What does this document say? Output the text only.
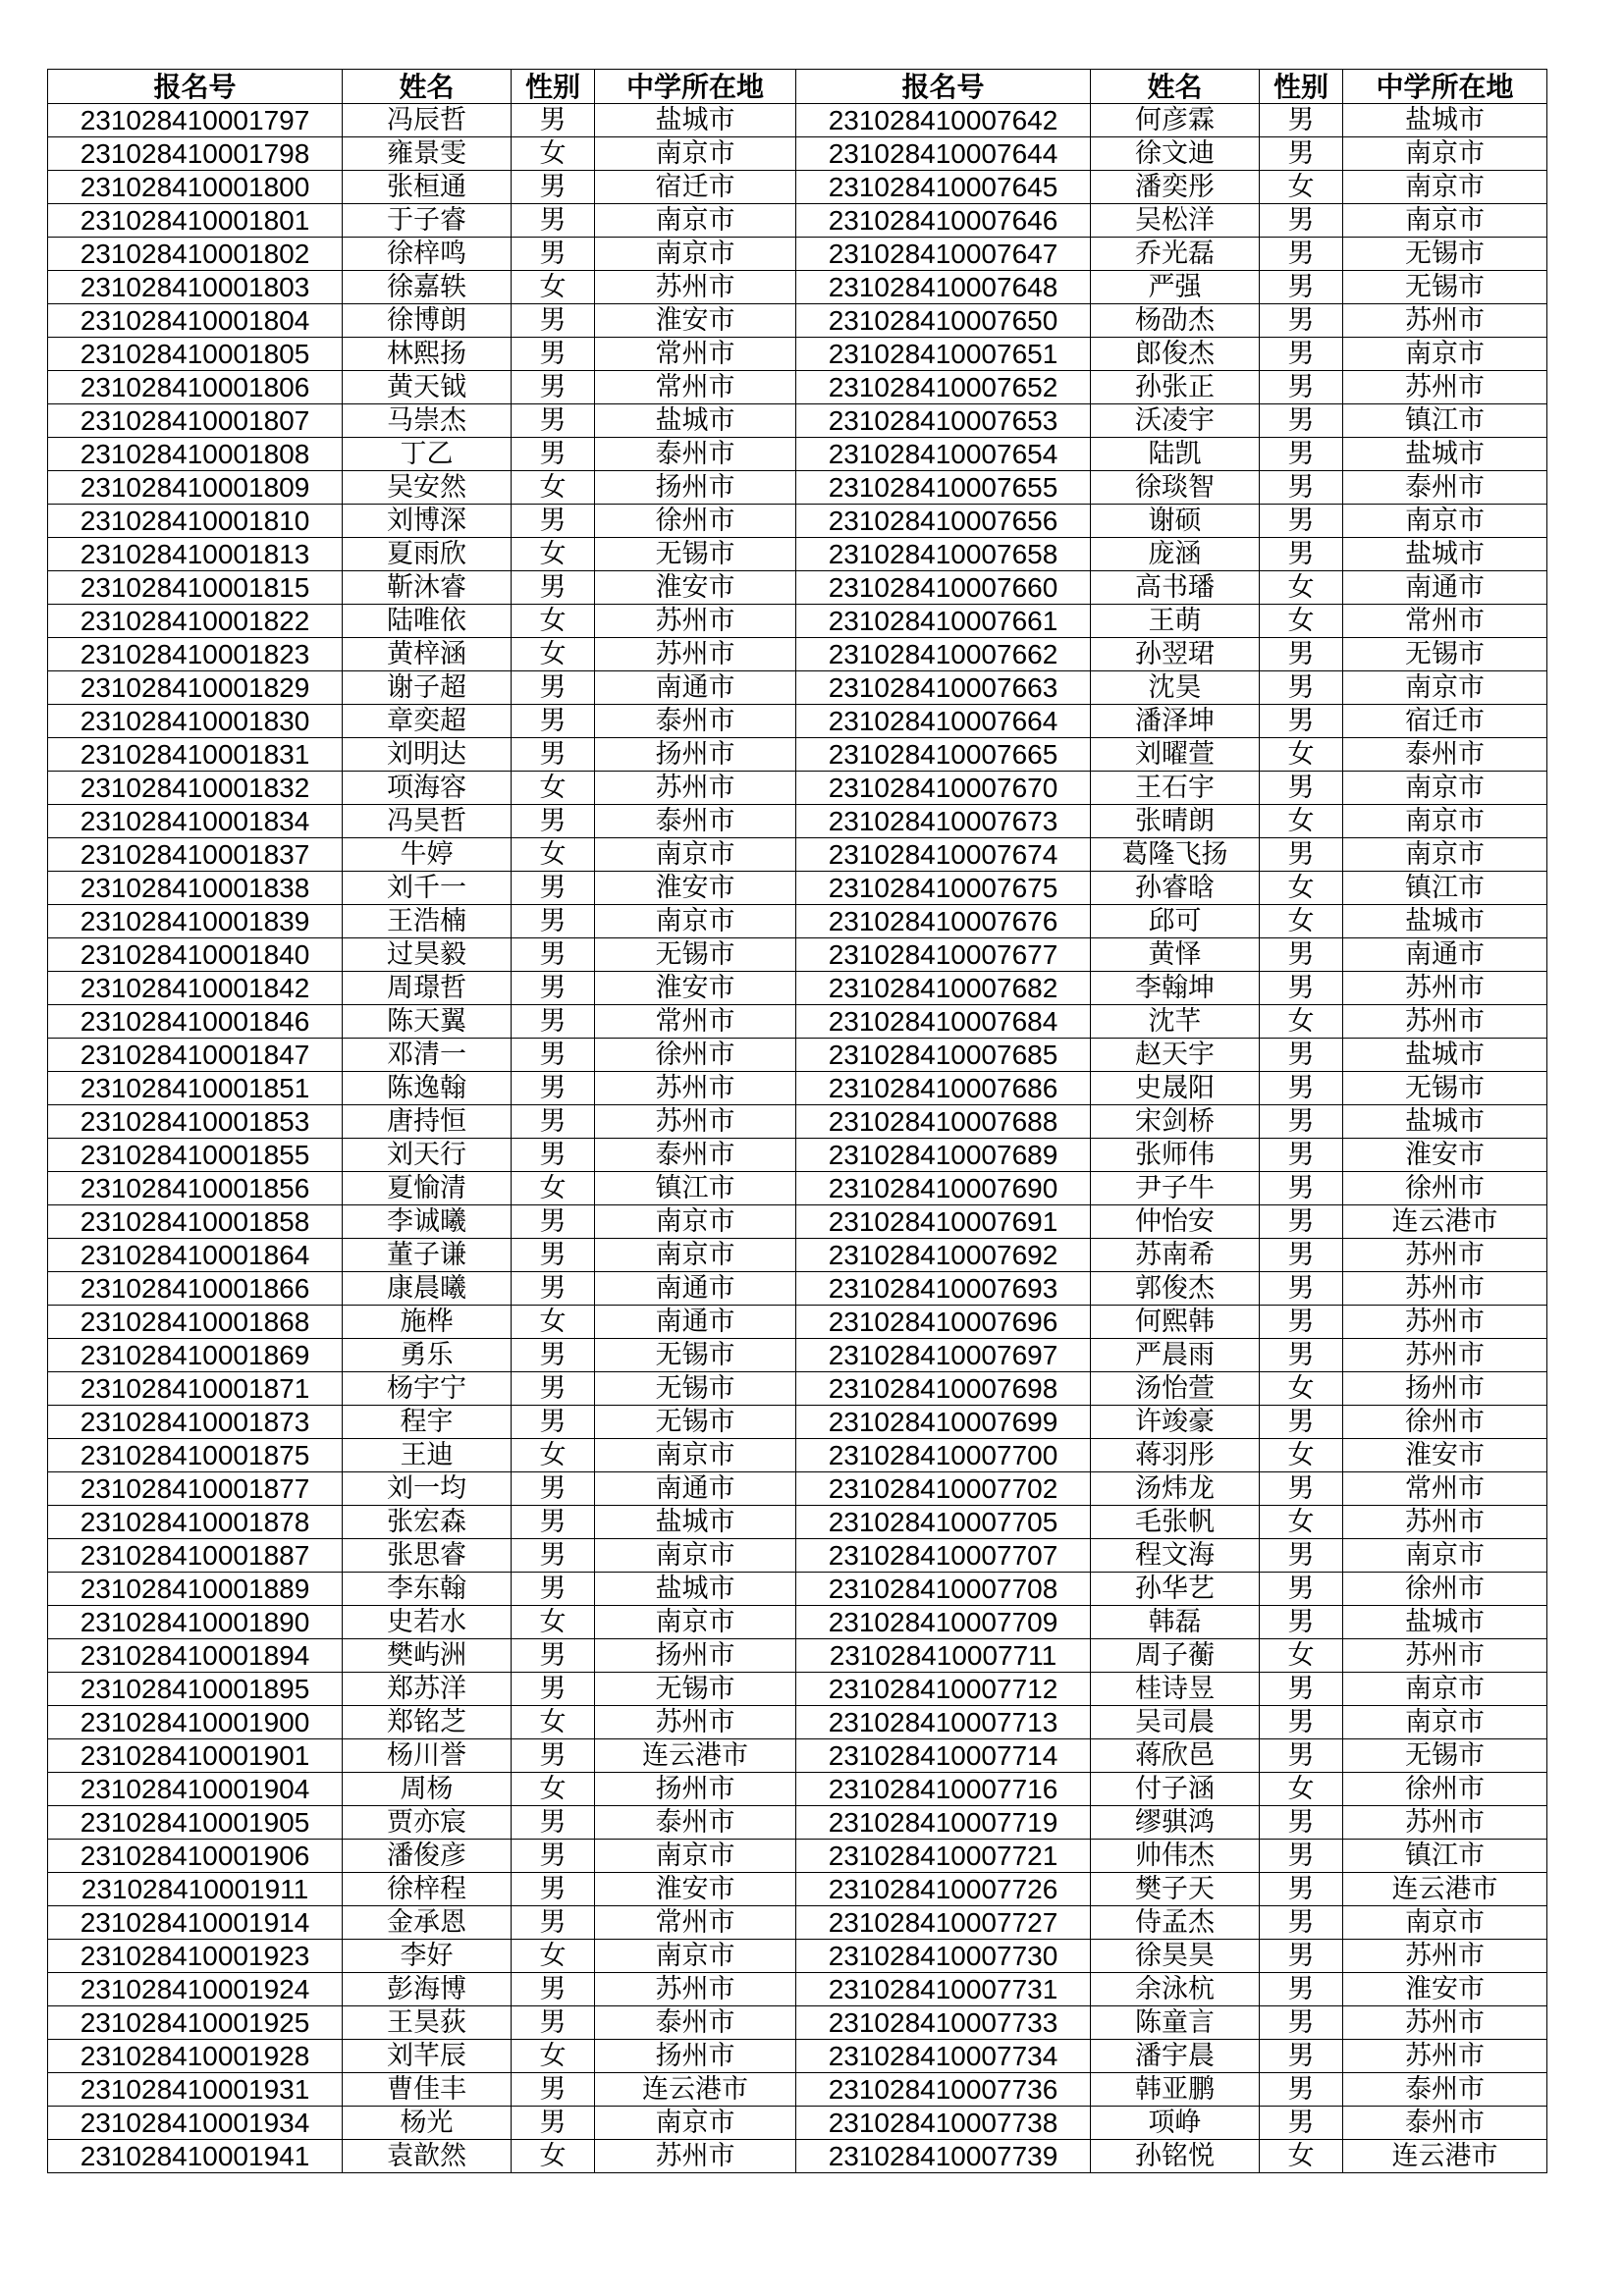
报名号	姓名	性别	中学所在地	报名号	姓名	性别	中学所在地
231028410001797	冯辰哲	男	盐城市	231028410007642	何彦霖	男	盐城市
231028410001798	雍景雯	女	南京市	231028410007644	徐文迪	男	南京市
231028410001800	张桓通	男	宿迁市	231028410007645	潘奕彤	女	南京市
231028410001801	于子睿	男	南京市	231028410007646	吴松洋	男	南京市
231028410001802	徐梓鸣	男	南京市	231028410007647	乔光磊	男	无锡市
231028410001803	徐嘉轶	女	苏州市	231028410007648	严强	男	无锡市
231028410001804	徐博朗	男	淮安市	231028410007650	杨劭杰	男	苏州市
231028410001805	林熙扬	男	常州市	231028410007651	郎俊杰	男	南京市
231028410001806	黄天钺	男	常州市	231028410007652	孙张正	男	苏州市
231028410001807	马崇杰	男	盐城市	231028410007653	沃凌宇	男	镇江市
231028410001808	丁乙	男	泰州市	231028410007654	陆凯	男	盐城市
231028410001809	吴安然	女	扬州市	231028410007655	徐琰智	男	泰州市
231028410001810	刘博深	男	徐州市	231028410007656	谢硕	男	南京市
231028410001813	夏雨欣	女	无锡市	231028410007658	庞涵	男	盐城市
231028410001815	靳沐睿	男	淮安市	231028410007660	高书璠	女	南通市
231028410001822	陆唯依	女	苏州市	231028410007661	王萌	女	常州市
231028410001823	黄梓涵	女	苏州市	231028410007662	孙翌珺	男	无锡市
231028410001829	谢子超	男	南通市	231028410007663	沈昊	男	南京市
231028410001830	章奕超	男	泰州市	231028410007664	潘泽坤	男	宿迁市
231028410001831	刘明达	男	扬州市	231028410007665	刘曜萱	女	泰州市
231028410001832	项海容	女	苏州市	231028410007670	王石宇	男	南京市
231028410001834	冯昊哲	男	泰州市	231028410007673	张晴朗	女	南京市
231028410001837	牛婷	女	南京市	231028410007674	葛隆飞扬	男	南京市
231028410001838	刘千一	男	淮安市	231028410007675	孙睿晗	女	镇江市
231028410001839	王浩楠	男	南京市	231028410007676	邱可	女	盐城市
231028410001840	过昊毅	男	无锡市	231028410007677	黄怿	男	南通市
231028410001842	周璟哲	男	淮安市	231028410007682	李翰坤	男	苏州市
231028410001846	陈天翼	男	常州市	231028410007684	沈芊	女	苏州市
231028410001847	邓清一	男	徐州市	231028410007685	赵天宇	男	盐城市
231028410001851	陈逸翰	男	苏州市	231028410007686	史晟阳	男	无锡市
231028410001853	唐持恒	男	苏州市	231028410007688	宋剑桥	男	盐城市
231028410001855	刘天行	男	泰州市	231028410007689	张师伟	男	淮安市
231028410001856	夏愉清	女	镇江市	231028410007690	尹子牛	男	徐州市
231028410001858	李诚曦	男	南京市	231028410007691	仲怡安	男	连云港市
231028410001864	董子谦	男	南京市	231028410007692	苏南希	男	苏州市
231028410001866	康晨曦	男	南通市	231028410007693	郭俊杰	男	苏州市
231028410001868	施桦	女	南通市	231028410007696	何熙韩	男	苏州市
231028410001869	勇乐	男	无锡市	231028410007697	严晨雨	男	苏州市
231028410001871	杨宇宁	男	无锡市	231028410007698	汤怡萱	女	扬州市
231028410001873	程宇	男	无锡市	231028410007699	许竣豪	男	徐州市
231028410001875	王迪	女	南京市	231028410007700	蒋羽彤	女	淮安市
231028410001877	刘一均	男	南通市	231028410007702	汤炜龙	男	常州市
231028410001878	张宏森	男	盐城市	231028410007705	毛张帆	女	苏州市
231028410001887	张思睿	男	南京市	231028410007707	程文海	男	南京市
231028410001889	李东翰	男	盐城市	231028410007708	孙华艺	男	徐州市
231028410001890	史若水	女	南京市	231028410007709	韩磊	男	盐城市
231028410001894	樊屿洲	男	扬州市	231028410007711	周子蘅	女	苏州市
231028410001895	郑苏洋	男	无锡市	231028410007712	桂诗昱	男	南京市
231028410001900	郑铭芝	女	苏州市	231028410007713	吴司晨	男	南京市
231028410001901	杨川誉	男	连云港市	231028410007714	蒋欣邑	男	无锡市
231028410001904	周杨	女	扬州市	231028410007716	付子涵	女	徐州市
231028410001905	贾亦宸	男	泰州市	231028410007719	缪骐鸿	男	苏州市
231028410001906	潘俊彦	男	南京市	231028410007721	帅伟杰	男	镇江市
231028410001911	徐梓程	男	淮安市	231028410007726	樊子天	男	连云港市
231028410001914	金承恩	男	常州市	231028410007727	侍孟杰	男	南京市
231028410001923	李好	女	南京市	231028410007730	徐昊昊	男	苏州市
231028410001924	彭海博	男	苏州市	231028410007731	余泳杭	男	淮安市
231028410001925	王昊荻	男	泰州市	231028410007733	陈童言	男	苏州市
231028410001928	刘芊辰	女	扬州市	231028410007734	潘宇晨	男	苏州市
231028410001931	曹佳丰	男	连云港市	231028410007736	韩亚鹏	男	泰州市
231028410001934	杨光	男	南京市	231028410007738	项峥	男	泰州市
231028410001941	袁歆然	女	苏州市	231028410007739	孙铭悦	女	连云港市
